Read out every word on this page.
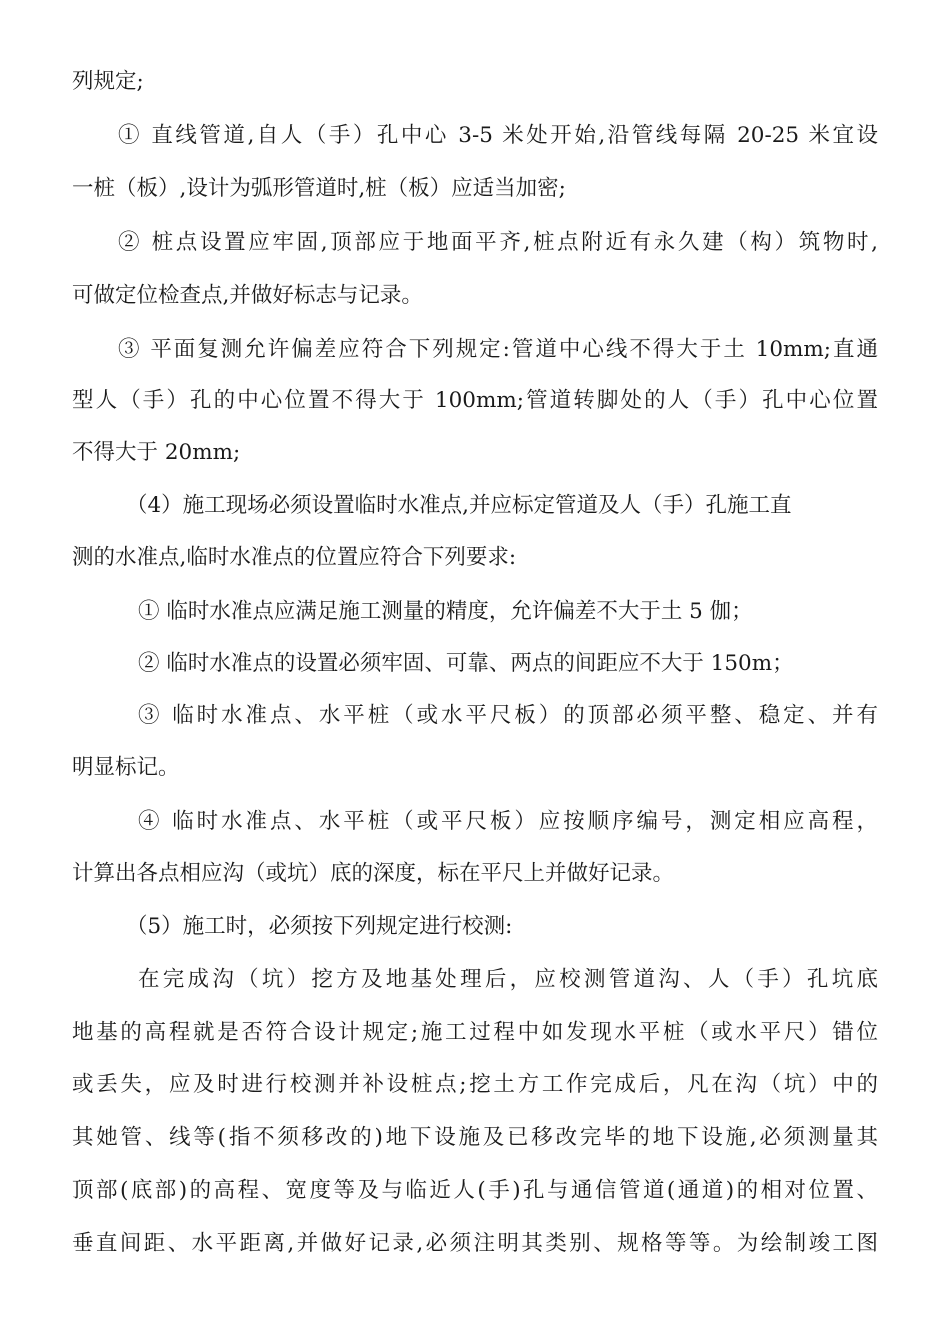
列规定;
① 直线管道,自人（手）孔中心 3-5 米处开始,沿管线每隔 20-25 米宜设
一桩（板）,设计为弧形管道时,桩（板）应适当加密;
② 桩点设置应牢固,顶部应于地面平齐,桩点附近有永久建（构）筑物时,
可做定位检查点,并做好标志与记录。
③ 平面复测允许偏差应符合下列规定:管道中心线不得大于土 10mm;直通
型人（手）孔的中心位置不得大于 100mm;管道转脚处的人（手）孔中心位置
不得大于 20mm;
（4）施工现场必须设置临时水准点,并应标定管道及人（手）孔施工直
测的水准点,临时水准点的位置应符合下列要求:
① 临时水准点应满足施工测量的精度，允许偏差不大于土 5 伽；
② 临时水准点的设置必须牢固、可靠、两点的间距应不大于 150m；
③ 临时水准点、水平桩（或水平尺板）的顶部必须平整、稳定、并有
明显标记。
④ 临时水准点、水平桩（或平尺板）应按顺序编号，测定相应高程，
计算出各点相应沟（或坑）底的深度，标在平尺上并做好记录。
（5）施工时，必须按下列规定进行校测:
在完成沟（坑）挖方及地基处理后，应校测管道沟、人（手）孔坑底
地基的高程就是否符合设计规定;施工过程中如发现水平桩（或水平尺）错位
或丢失，应及时进行校测并补设桩点;挖土方工作完成后，凡在沟（坑）中的
其她管、线等(指不须移改的)地下设施及已移改完毕的地下设施,必须测量其
顶部(底部)的高程、宽度等及与临近人(手)孔与通信管道(通道)的相对位置、
垂直间距、水平距离,并做好记录,必须注明其类别、规格等等。为绘制竣工图
